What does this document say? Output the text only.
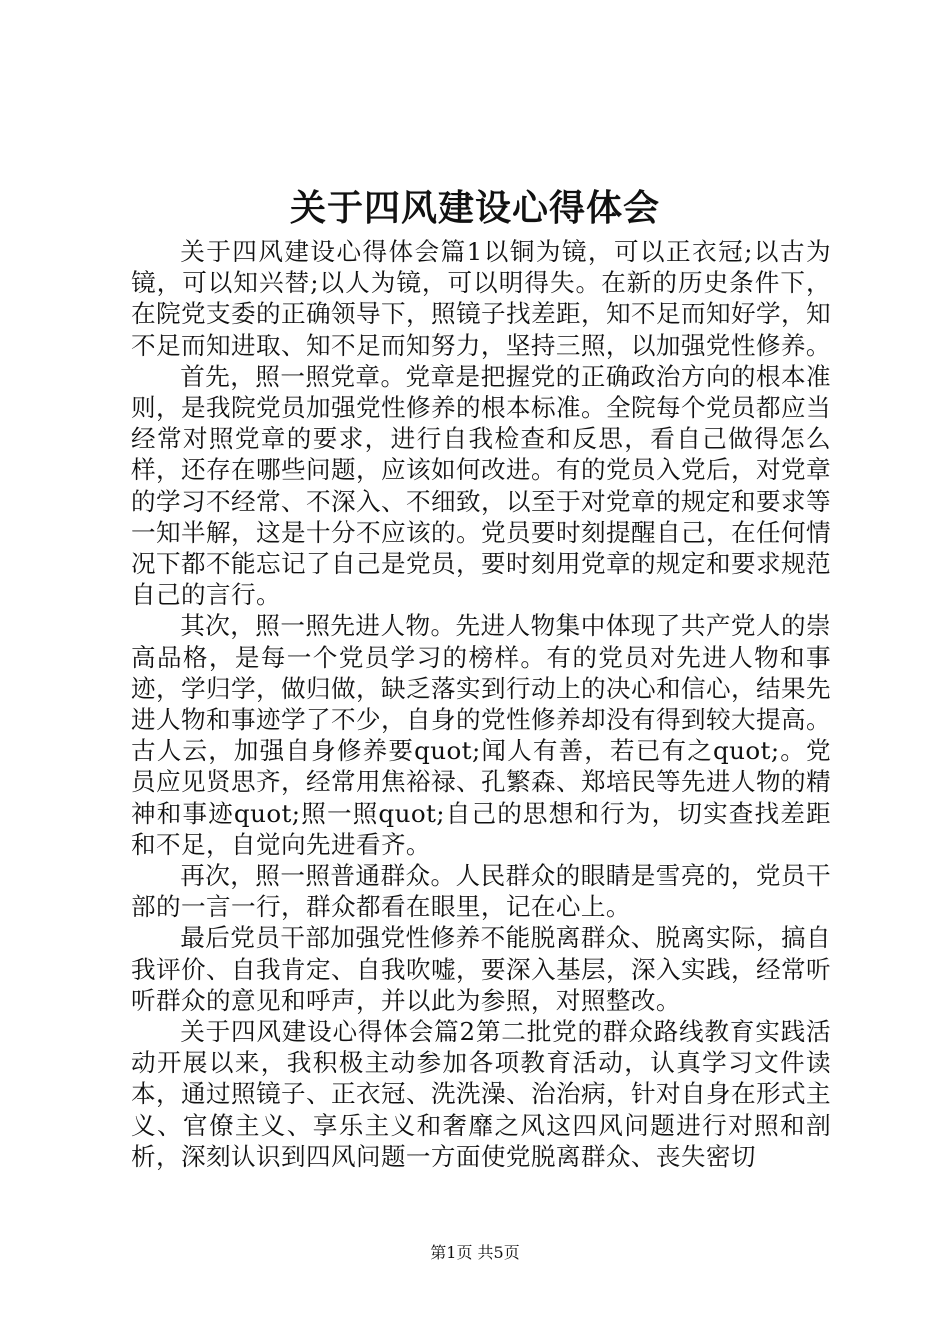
关于四风建设心得体会

关于四风建设心得体会篇1以铜为镜，可以正衣冠;以古为镜，可以知兴替;以人为镜，可以明得失。在新的历史条件下，在院党支委的正确领导下，照镜子找差距，知不足而知好学，知不足而知进取、知不足而知努力，坚持三照，以加强党性修养。

首先，照一照党章。党章是把握党的正确政治方向的根本准则，是我院党员加强党性修养的根本标准。全院每个党员都应当经常对照党章的要求，进行自我检查和反思，看自己做得怎么样，还存在哪些问题，应该如何改进。有的党员入党后，对党章的学习不经常、不深入、不细致，以至于对党章的规定和要求等一知半解，这是十分不应该的。党员要时刻提醒自己，在任何情况下都不能忘记了自己是党员，要时刻用党章的规定和要求规范自己的言行。

其次，照一照先进人物。先进人物集中体现了共产党人的崇高品格，是每一个党员学习的榜样。有的党员对先进人物和事迹，学归学，做归做，缺乏落实到行动上的决心和信心，结果先进人物和事迹学了不少，自身的党性修养却没有得到较大提高。古人云，加强自身修养要quot;闻人有善，若已有之quot;。党员应见贤思齐，经常用焦裕禄、孔繁森、郑培民等先进人物的精神和事迹quot;照一照quot;自己的思想和行为，切实查找差距和不足，自觉向先进看齐。

再次，照一照普通群众。人民群众的眼睛是雪亮的，党员干部的一言一行，群众都看在眼里，记在心上。

最后党员干部加强党性修养不能脱离群众、脱离实际，搞自我评价、自我肯定、自我吹嘘，要深入基层，深入实践，经常听听群众的意见和呼声，并以此为参照，对照整改。

关于四风建设心得体会篇2第二批党的群众路线教育实践活动开展以来，我积极主动参加各项教育活动，认真学习文件读本，通过照镜子、正衣冠、洗洗澡、治治病，针对自身在形式主义、官僚主义、享乐主义和奢靡之风这四风问题进行对照和剖析，深刻认识到四风问题一方面使党脱离群众、丧失密切

第1页 共5页
